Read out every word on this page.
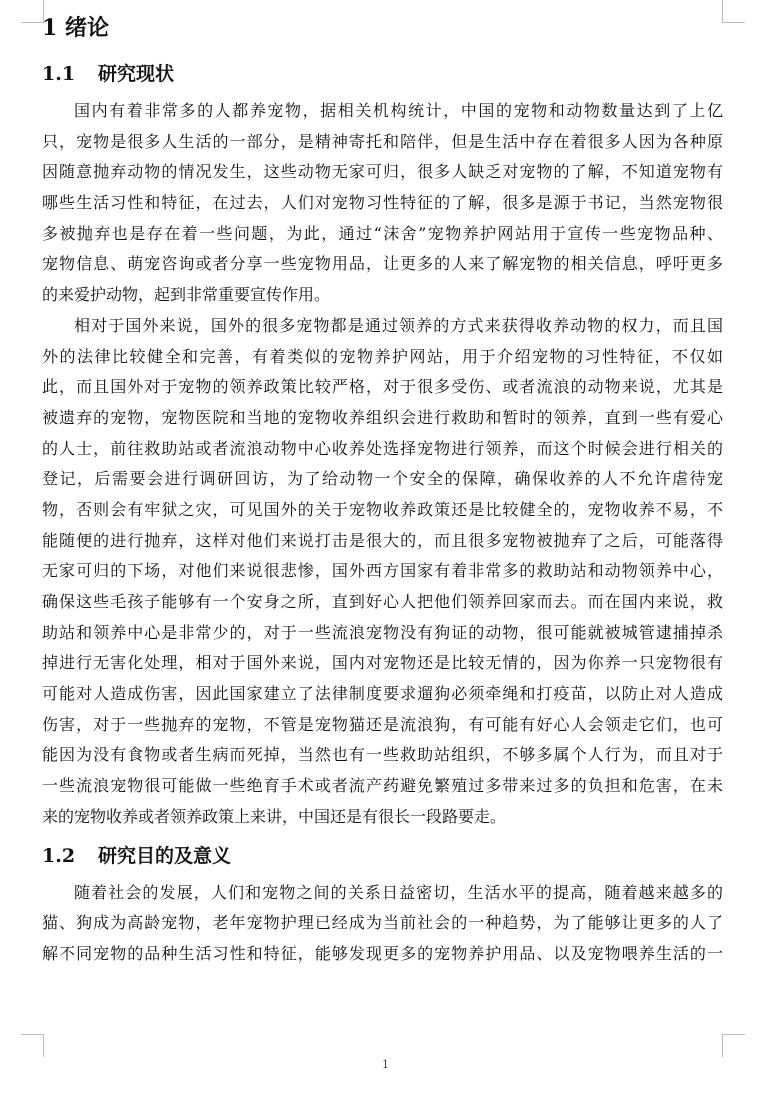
1 绪论
1.1 研究现状
国内有着非常多的人都养宠物，据相关机构统计，中国的宠物和动物数量达到了上亿
只，宠物是很多人生活的一部分，是精神寄托和陪伴，但是生活中存在着很多人因为各种原
因随意抛弃动物的情况发生，这些动物无家可归，很多人缺乏对宠物的了解，不知道宠物有
哪些生活习性和特征，在过去，人们对宠物习性特征的了解，很多是源于书记，当然宠物很
多被抛弃也是存在着一些问题，为此，通过“沫舍”宠物养护网站用于宣传一些宠物品种、
宠物信息、萌宠咨询或者分享一些宠物用品，让更多的人来了解宠物的相关信息，呼吁更多
的来爱护动物，起到非常重要宣传作用。
相对于国外来说，国外的很多宠物都是通过领养的方式来获得收养动物的权力，而且国
外的法律比较健全和完善，有着类似的宠物养护网站，用于介绍宠物的习性特征，不仅如
此，而且国外对于宠物的领养政策比较严格，对于很多受伤、或者流浪的动物来说，尤其是
被遗弃的宠物，宠物医院和当地的宠物收养组织会进行救助和暂时的领养，直到一些有爱心
的人士，前往救助站或者流浪动物中心收养处选择宠物进行领养，而这个时候会进行相关的
登记，后需要会进行调研回访，为了给动物一个安全的保障，确保收养的人不允许虐待宠
物，否则会有牢狱之灾，可见国外的关于宠物收养政策还是比较健全的，宠物收养不易，不
能随便的进行抛弃，这样对他们来说打击是很大的，而且很多宠物被抛弃了之后，可能落得
无家可归的下场，对他们来说很悲惨，国外西方国家有着非常多的救助站和动物领养中心，
确保这些毛孩子能够有一个安身之所，直到好心人把他们领养回家而去。而在国内来说，救
助站和领养中心是非常少的，对于一些流浪宠物没有狗证的动物，很可能就被城管逮捕掉杀
掉进行无害化处理，相对于国外来说，国内对宠物还是比较无情的，因为你养一只宠物很有
可能对人造成伤害，因此国家建立了法律制度要求遛狗必须牵绳和打疫苗，以防止对人造成
伤害，对于一些抛弃的宠物，不管是宠物猫还是流浪狗，有可能有好心人会领走它们，也可
能因为没有食物或者生病而死掉，当然也有一些救助站组织，不够多属个人行为，而且对于
一些流浪宠物很可能做一些绝育手术或者流产药避免繁殖过多带来过多的负担和危害，在未
来的宠物收养或者领养政策上来讲，中国还是有很长一段路要走。
1.2 研究目的及意义
随着社会的发展，人们和宠物之间的关系日益密切，生活水平的提高，随着越来越多的
猫、狗成为高龄宠物，老年宠物护理已经成为当前社会的一种趋势，为了能够让更多的人了
解不同宠物的品种生活习性和特征，能够发现更多的宠物养护用品、以及宠物喂养生活的一
1
